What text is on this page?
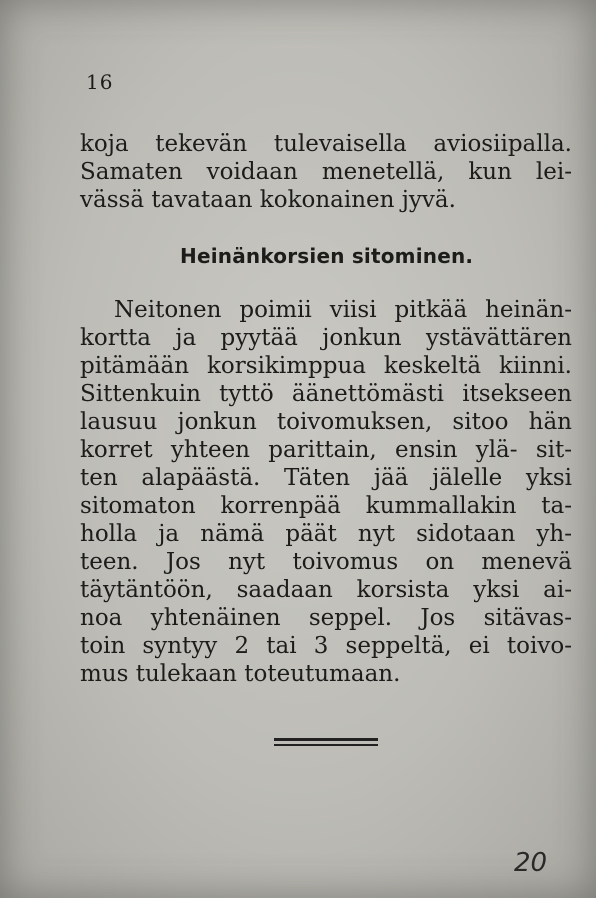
16
koja tekevän tulevaisella aviosiipalla.
Samaten voidaan menetellä, kun lei-
vässä tavataan kokonainen jyvä.
Heinänkorsien sitominen.
Neitonen poimii viisi pitkää heinän-
kortta ja pyytää jonkun ystävättären
pitämään korsikimppua keskeltä kiinni.
Sittenkuin tyttö äänettömästi itsekseen
lausuu jonkun toivomuksen, sitoo hän
korret yhteen parittain, ensin ylä- sit-
ten alapäästä. Täten jää jälelle yksi
sitomaton korrenpää kummallakin ta-
holla ja nämä päät nyt sidotaan yh-
teen. Jos nyt toivomus on menevä
täytäntöön, saadaan korsista yksi ai-
noa yhtenäinen seppel. Jos sitävas-
toin syntyy 2 tai 3 seppeltä, ei toivo-
mus tulekaan toteutumaan.
20
